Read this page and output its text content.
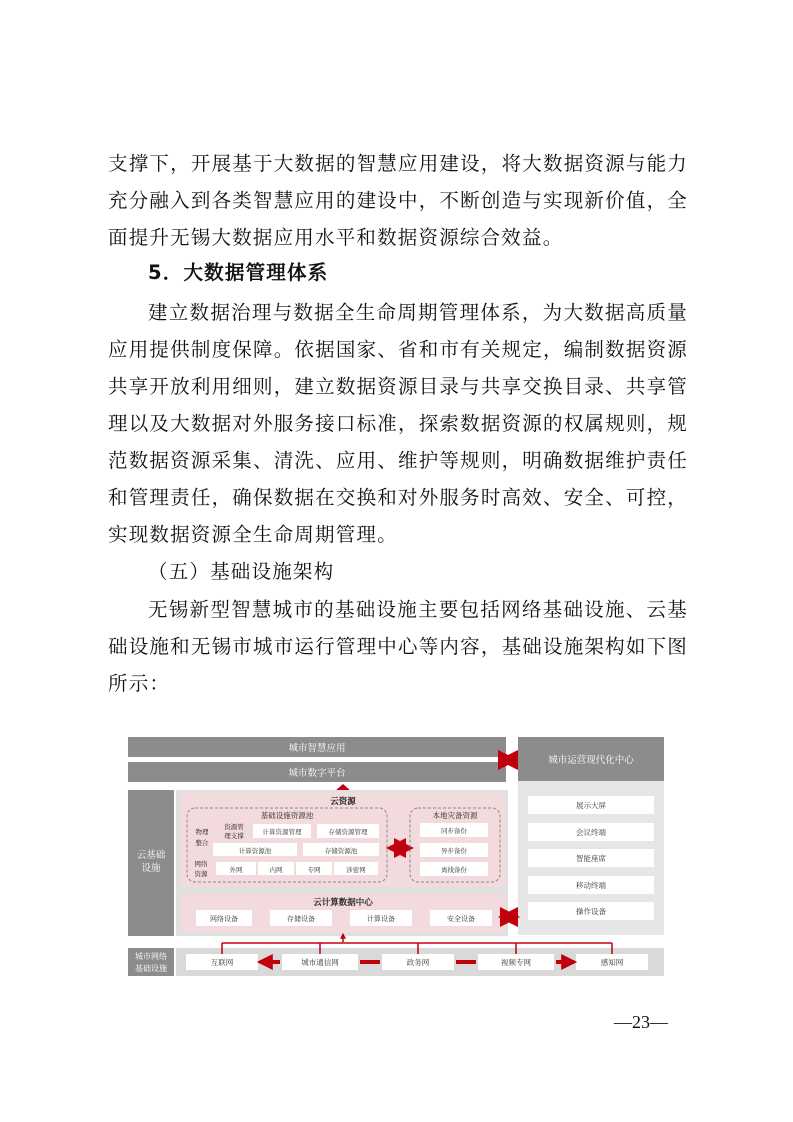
支撑下，开展基于大数据的智慧应用建设，将大数据资源与能力充分融入到各类智慧应用的建设中，不断创造与实现新价值，全面提升无锡大数据应用水平和数据资源综合效益。
5．大数据管理体系
建立数据治理与数据全生命周期管理体系，为大数据高质量应用提供制度保障。依据国家、省和市有关规定，编制数据资源共享开放利用细则，建立数据资源目录与共享交换目录、共享管理以及大数据对外服务接口标准，探索数据资源的权属规则，规范数据资源采集、清洗、应用、维护等规则，明确数据维护责任和管理责任，确保数据在交换和对外服务时高效、安全、可控，实现数据资源全生命周期管理。
（五）基础设施架构
无锡新型智慧城市的基础设施主要包括网络基础设施、云基础设施和无锡市城市运行管理中心等内容，基础设施架构如下图所示：
城市智慧应用
城市数字平台
城市运营现代化中心
展示大屏
会议终端
智能座席
移动终端
操作设备
云基础
设施
云资源
基础设施资源池
物理
整合
资源管
理支撑	计算资源管理	存储资源管理
计算资源池	存储资源池
网络
资源	外网	内网	专网	涉密网
本地灾备资源
同步备份
异步备份
离线备份
云计算数据中心
网络设备	存储设备	计算设备	安全设备
城市网络
基础设施
互联网	城市通信网	政务网	视频专网	感知网
—23—
